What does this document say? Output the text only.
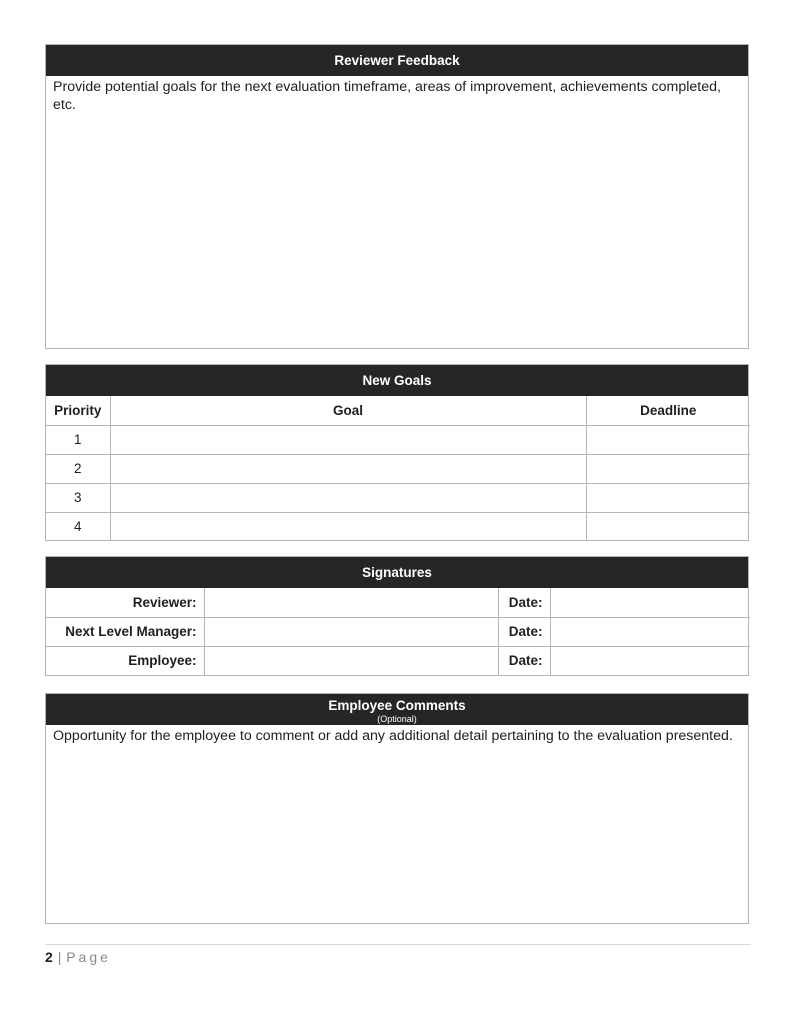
Reviewer Feedback
Provide potential goals for the next evaluation timeframe, areas of improvement, achievements completed, etc.
New Goals
Priority	Goal	Deadline
1		
2		
3		
4		
Signatures
Reviewer:		Date:	
Next Level Manager:		Date:	
Employee:		Date:	
Employee Comments
(Optional)
Opportunity for the employee to comment or add any additional detail pertaining to the evaluation presented.
2 | Page
